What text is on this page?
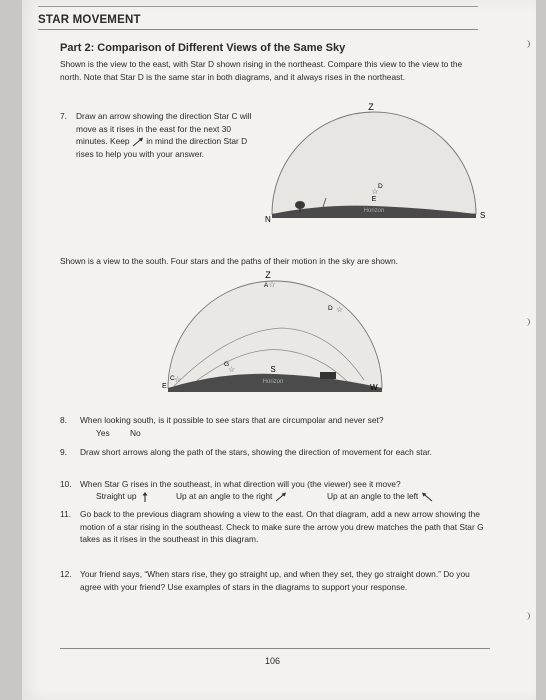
STAR MOVEMENT
Part 2: Comparison of Different Views of the Same Sky
Shown is the view to the east, with Star D shown rising in the northeast. Compare this view to the view to the north. Note that Star D is the same star in both diagrams, and it always rises in the northeast.
7. Draw an arrow showing the direction Star C will move as it rises in the east for the next 30 minutes. Keep in mind the direction Star D rises to help you with your answer.
Z
N	S
E
D
☆
Horizon
Shown is a view to the south. Four stars and the paths of their motion in the sky are shown.
Z
A ☆
D ☆
G
☆
C ☆
E
S
Horizon
W
8. When looking south, is it possible to see stars that are circumpolar and never set?
Yes No
9. Draw short arrows along the path of the stars, showing the direction of movement for each star.
10. When Star G rises in the southeast, in what direction will you (the viewer) see it move?
Straight up	Up at an angle to the right	Up at an angle to the left
11. Go back to the previous diagram showing a view to the east. On that diagram, add a new arrow showing the motion of a star rising in the southeast. Check to make sure the arrow you drew matches the path that Star G takes as it rises in the southeast in this diagram.
12. Your friend says, “When stars rise, they go straight up, and when they set, they go straight down.” Do you agree with your friend? Use examples of stars in the diagrams to support your response.
106
